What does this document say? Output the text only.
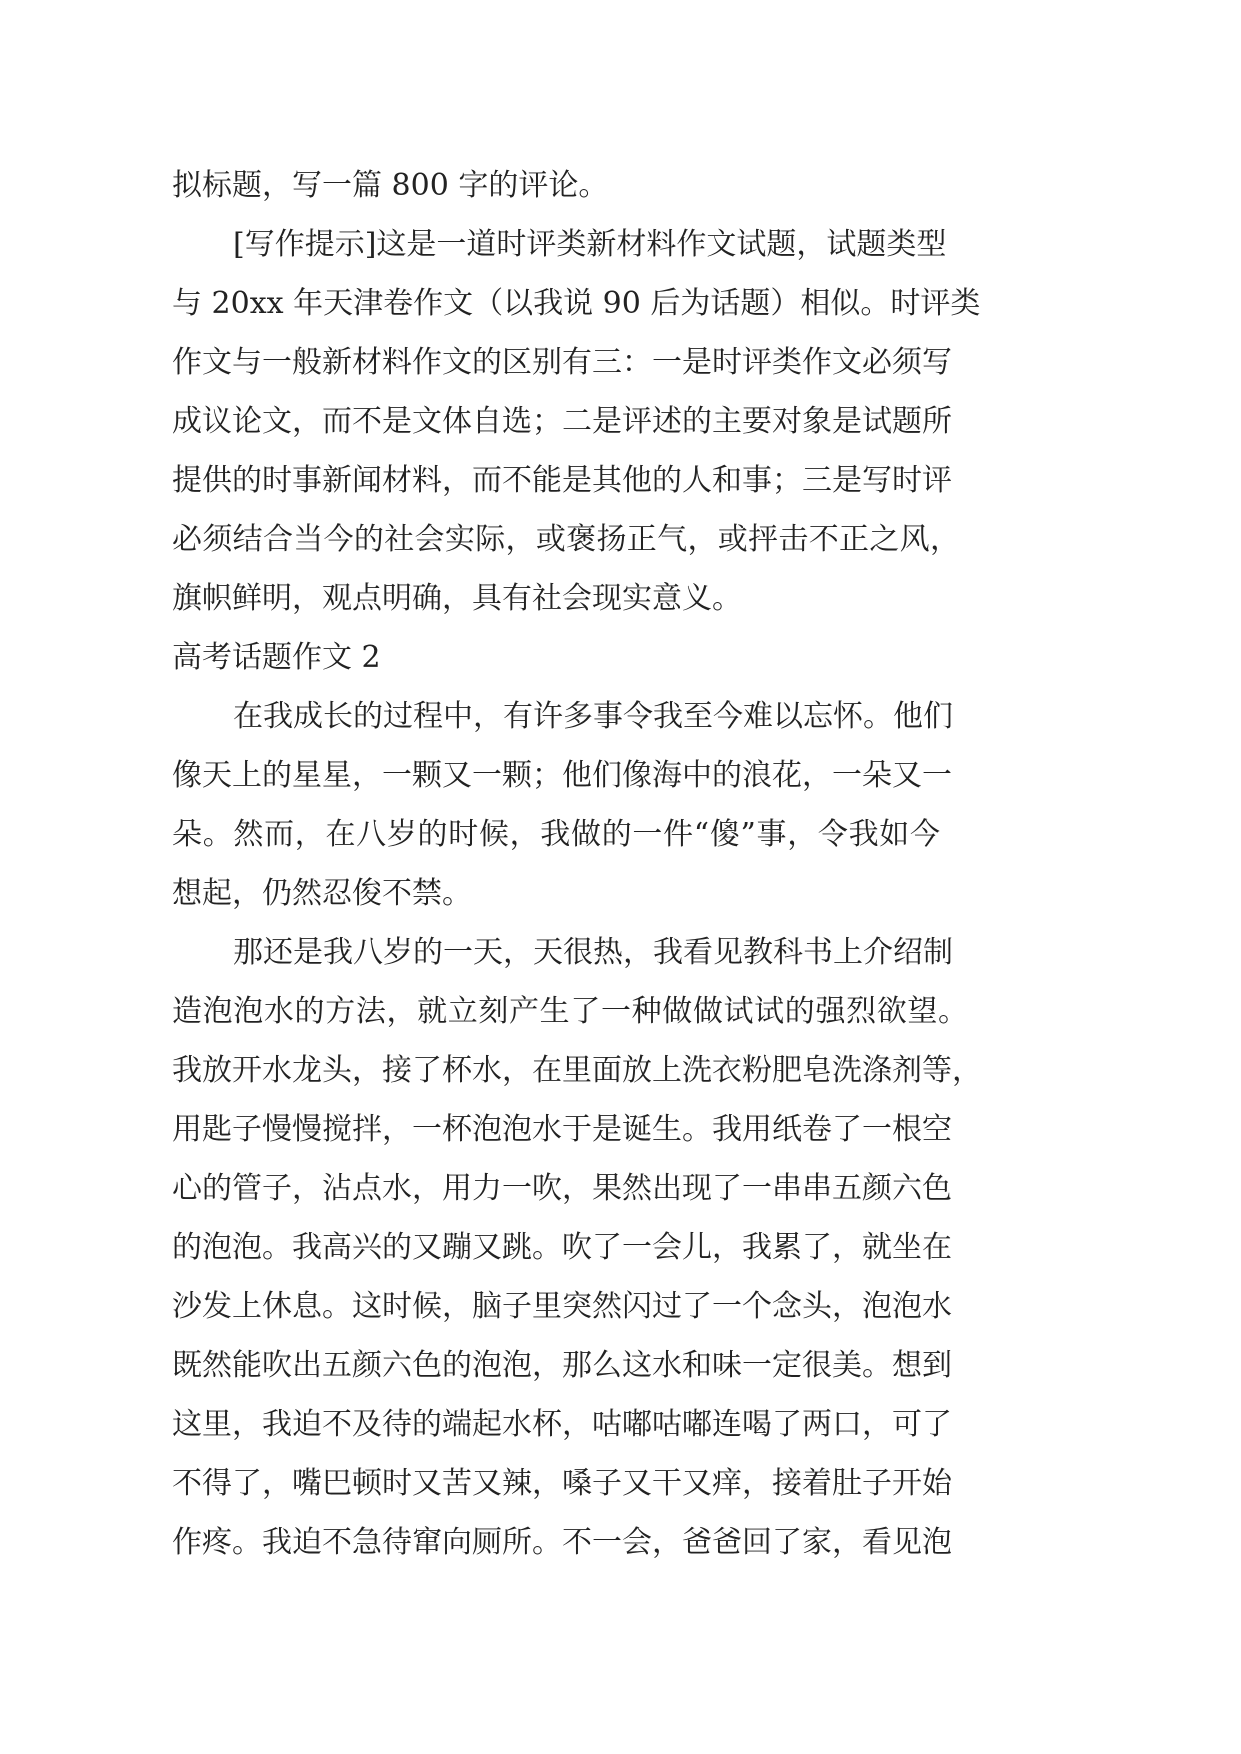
拟标题，写一篇 800 字的评论。
[写作提示]这是一道时评类新材料作文试题，试题类型
与 20xx 年天津卷作文（以我说 90 后为话题）相似。时评类
作文与一般新材料作文的区别有三：一是时评类作文必须写
成议论文，而不是文体自选；二是评述的主要对象是试题所
提供的时事新闻材料，而不能是其他的人和事；三是写时评
必须结合当今的社会实际，或褒扬正气，或抨击不正之风，
旗帜鲜明，观点明确，具有社会现实意义。
高考话题作文 2
在我成长的过程中，有许多事令我至今难以忘怀。他们
像天上的星星，一颗又一颗；他们像海中的浪花，一朵又一
朵。然而，在八岁的时候，我做的一件“傻”事，令我如今
想起，仍然忍俊不禁。
那还是我八岁的一天，天很热，我看见教科书上介绍制
造泡泡水的方法，就立刻产生了一种做做试试的强烈欲望。
我放开水龙头，接了杯水，在里面放上洗衣粉肥皂洗涤剂等，
用匙子慢慢搅拌，一杯泡泡水于是诞生。我用纸卷了一根空
心的管子，沾点水，用力一吹，果然出现了一串串五颜六色
的泡泡。我高兴的又蹦又跳。吹了一会儿，我累了，就坐在
沙发上休息。这时候，脑子里突然闪过了一个念头，泡泡水
既然能吹出五颜六色的泡泡，那么这水和味一定很美。想到
这里，我迫不及待的端起水杯，咕嘟咕嘟连喝了两口，可了
不得了，嘴巴顿时又苦又辣，嗓子又干又痒，接着肚子开始
作疼。我迫不急待窜向厕所。不一会，爸爸回了家，看见泡
